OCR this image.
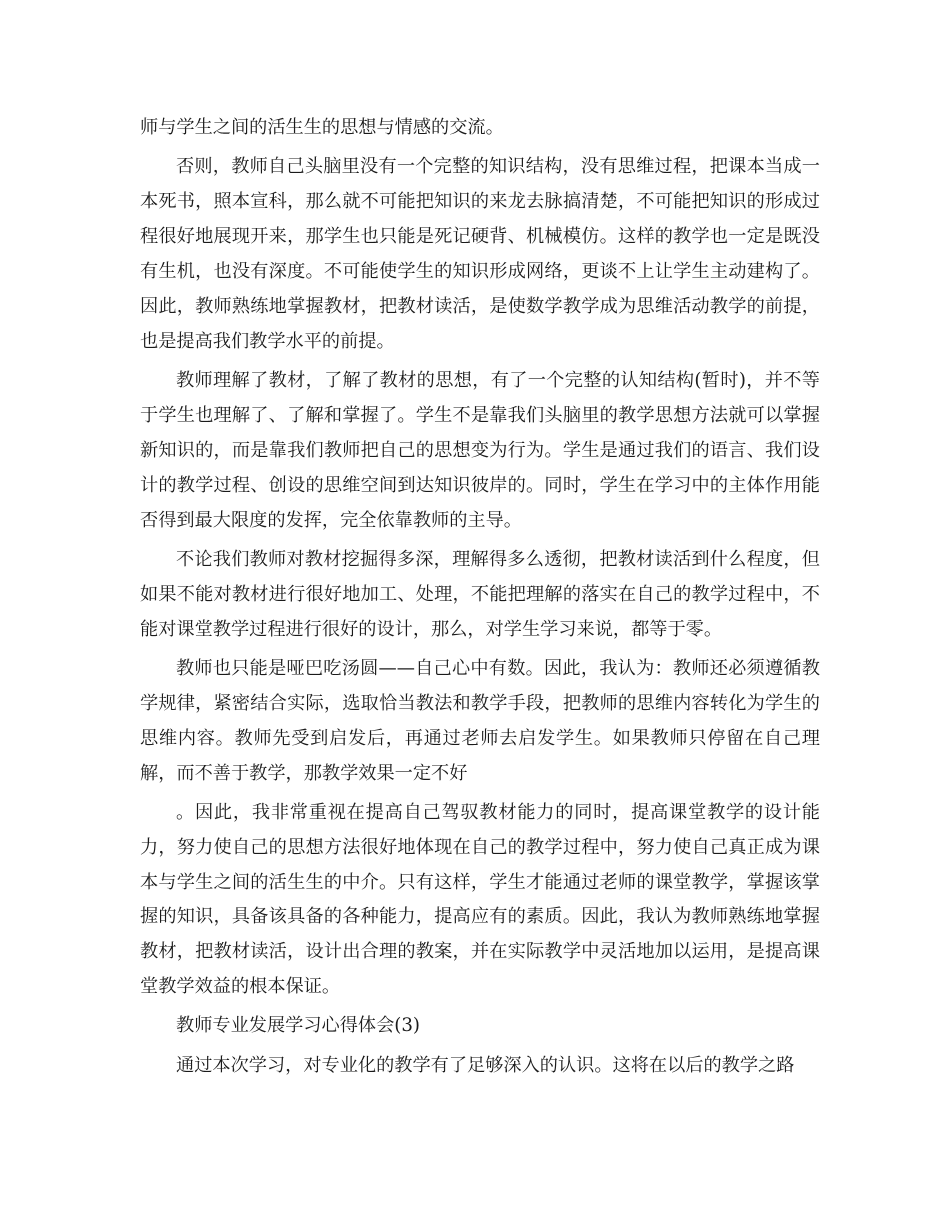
师与学生之间的活生生的思想与情感的交流。

否则，教师自己头脑里没有一个完整的知识结构，没有思维过程，把课本当成一本死书，照本宣科，那么就不可能把知识的来龙去脉搞清楚，不可能把知识的形成过程很好地展现开来，那学生也只能是死记硬背、机械模仿。这样的教学也一定是既没有生机，也没有深度。不可能使学生的知识形成网络，更谈不上让学生主动建构了。因此，教师熟练地掌握教材，把教材读活，是使数学教学成为思维活动教学的前提，也是提高我们教学水平的前提。

教师理解了教材，了解了教材的思想，有了一个完整的认知结构(暂时)，并不等于学生也理解了、了解和掌握了。学生不是靠我们头脑里的教学思想方法就可以掌握新知识的，而是靠我们教师把自己的思想变为行为。学生是通过我们的语言、我们设计的教学过程、创设的思维空间到达知识彼岸的。同时，学生在学习中的主体作用能否得到最大限度的发挥，完全依靠教师的主导。

不论我们教师对教材挖掘得多深，理解得多么透彻，把教材读活到什么程度，但如果不能对教材进行很好地加工、处理，不能把理解的落实在自己的教学过程中，不能对课堂教学过程进行很好的设计，那么，对学生学习来说，都等于零。

教师也只能是哑巴吃汤圆——自己心中有数。因此，我认为：教师还必须遵循教学规律，紧密结合实际，选取恰当教法和教学手段，把教师的思维内容转化为学生的思维内容。教师先受到启发后，再通过老师去启发学生。如果教师只停留在自己理解，而不善于教学，那教学效果一定不好

。因此，我非常重视在提高自己驾驭教材能力的同时，提高课堂教学的设计能力，努力使自己的思想方法很好地体现在自己的教学过程中，努力使自己真正成为课本与学生之间的活生生的中介。只有这样，学生才能通过老师的课堂教学，掌握该掌握的知识，具备该具备的各种能力，提高应有的素质。因此，我认为教师熟练地掌握教材，把教材读活，设计出合理的教案，并在实际教学中灵活地加以运用，是提高课堂教学效益的根本保证。

教师专业发展学习心得体会(3)

通过本次学习，对专业化的教学有了足够深入的认识。这将在以后的教学之路
